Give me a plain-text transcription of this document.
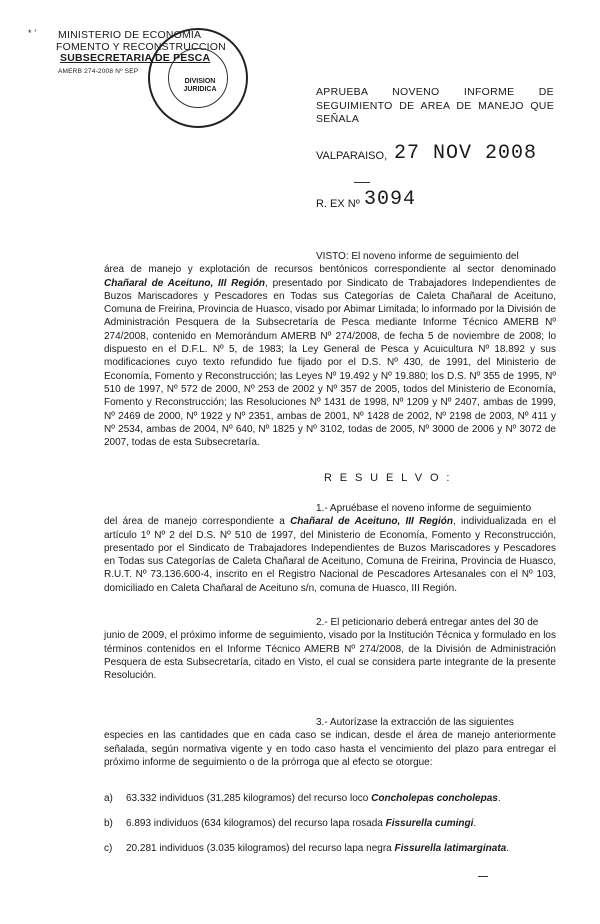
* ' MINISTERIO DE ECONOMIA
FOMENTO Y RECONSTRUCCION
SUBSECRETARIA DE PESCA
AMERB 274-2008 Nº SEP
DIVISION
JURIDICA	APRUEBA NOVENO INFORME DE
SEGUIMIENTO DE AREA DE MANEJO QUE
SEÑALA
VALPARAISO, 27 NOV 2008
R. EX Nº 3094

VISTO: El noveno informe de seguimiento del

área de manejo y explotación de recursos bentónicos correspondiente al sector denominado Chañaral de Aceituno, III Región, presentado por Sindicato de Trabajadores Independientes de Buzos Mariscadores y Pescadores en Todas sus Categorías de Caleta Chañaral de Aceituno, Comuna de Freirina, Provincia de Huasco, visado por Abimar Limitada; lo informado por la División de Administración Pesquera de la Subsecretaría de Pesca mediante Informe Técnico AMERB Nº 274/2008, contenido en Memorándum AMERB Nº 274/2008, de fecha 5 de noviembre de 2008; lo dispuesto en el D.F.L. Nº 5, de 1983; la Ley General de Pesca y Acuicultura Nº 18.892 y sus modificaciones cuyo texto refundido fue fijado por el D.S. Nº 430, de 1991, del Ministerio de Economía, Fomento y Reconstrucción; las Leyes Nº 19.492 y Nº 19.880; los D.S. Nº 355 de 1995, Nº 510 de 1997, Nº 572 de 2000, Nº 253 de 2002 y Nº 357 de 2005, todos del Ministerio de Economía, Fomento y Reconstrucción; las Resoluciones Nº 1431 de 1998, Nº 1209 y Nº 2407, ambas de 1999, Nº 2469 de 2000, Nº 1922 y Nº 2351, ambas de 2001, Nº 1428 de 2002, Nº 2198 de 2003, Nº 411 y Nº 2534, ambas de 2004, Nº 640, Nº 1825 y Nº 3102, todas de 2005, Nº 3000 de 2006 y Nº 3072 de 2007, todas de esta Subsecretaría.

R E S U E L V O :

1.- Apruébase el noveno informe de seguimiento

del área de manejo correspondiente a Chañaral de Aceituno, III Región, individualizada en el artículo 1º Nº 2 del D.S. Nº 510 de 1997, del Ministerio de Economía, Fomento y Reconstrucción, presentado por el Sindicato de Trabajadores Independientes de Buzos Mariscadores y Pescadores en Todas sus Categorías de Caleta Chañaral de Aceituno, Comuna de Freirina, Provincia de Huasco, R.U.T. Nº 73.136.600-4, inscrito en el Registro Nacional de Pescadores Artesanales con el Nº 103, domiciliado en Caleta Chañaral de Aceituno s/n, comuna de Huasco, III Región.

2.- El peticionario deberá entregar antes del 30 de

junio de 2009, el próximo informe de seguimiento, visado por la Institución Técnica y formulado en los términos contenidos en el Informe Técnico AMERB Nº 274/2008, de la División de Administración Pesquera de esta Subsecretaría, citado en Visto, el cual se considera parte integrante de la presente Resolución.

3.- Autorízase la extracción de las siguientes

especies en las cantidades que en cada caso se indican, desde el área de manejo anteriormente señalada, según normativa vigente y en todo caso hasta el vencimiento del plazo para entregar el próximo informe de seguimiento o de la prórroga que al efecto se otorgue:

a) 63.332 individuos (31.285 kilogramos) del recurso loco Concholepas concholepas.
b) 6.893 individuos (634 kilogramos) del recurso lapa rosada Fissurella cumingi.
c) 20.281 individuos (3.035 kilogramos) del recurso lapa negra Fissurella latimarginata.
